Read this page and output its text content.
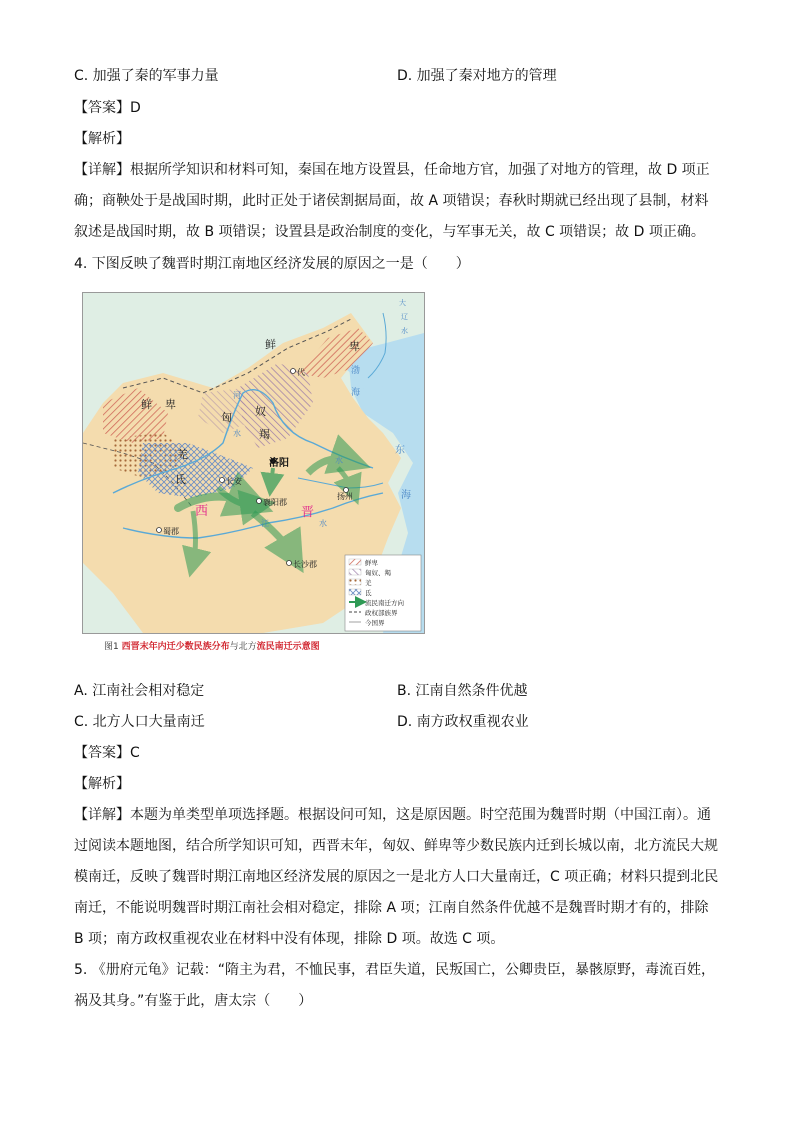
C. 加强了秦的军事力量	D. 加强了秦对地方的管理
【答案】D
【解析】
【详解】根据所学知识和材料可知，秦国在地方设置县，任命地方官，加强了对地方的管理，故 D 项正确；商鞅处于是战国时期，此时正处于诸侯割据局面，故 A 项错误；春秋时期就已经出现了县制，材料叙述是战国时期，故 B 项错误；设置县是政治制度的变化，与军事无关，故 C 项错误；故 D 项正确。
4. 下图反映了魏晋时期江南地区经济发展的原因之一是（　　）
鲜	卑
鲜 卑
匈 奴
羯
羌
氐
代
洛阳
长安
襄阳郡
扬州
蜀郡
长沙郡
西	晋
渤
海
东
海
河
水
江	水
水
大
辽
水
鲜卑
匈奴、羯
羌
氐
流民南迁方向
政权部族界
今国界
图1 西晋末年内迁少数民族分布与北方流民南迁示意图
A. 江南社会相对稳定	B. 江南自然条件优越
C. 北方人口大量南迁	D. 南方政权重视农业
【答案】C
【解析】
【详解】本题为单类型单项选择题。根据设问可知，这是原因题。时空范围为魏晋时期（中国江南）。通过阅读本题地图，结合所学知识可知，西晋末年，匈奴、鲜卑等少数民族内迁到长城以南，北方流民大规模南迁，反映了魏晋时期江南地区经济发展的原因之一是北方人口大量南迁，C 项正确；材料只提到北民南迁，不能说明魏晋时期江南社会相对稳定，排除 A 项；江南自然条件优越不是魏晋时期才有的，排除 B 项；南方政权重视农业在材料中没有体现，排除 D 项。故选 C 项。
5. 《册府元龟》记载：“隋主为君，不恤民事，君臣失道，民叛国亡，公卿贵臣，暴骸原野，毒流百姓，祸及其身。”有鉴于此，唐太宗（　　）
